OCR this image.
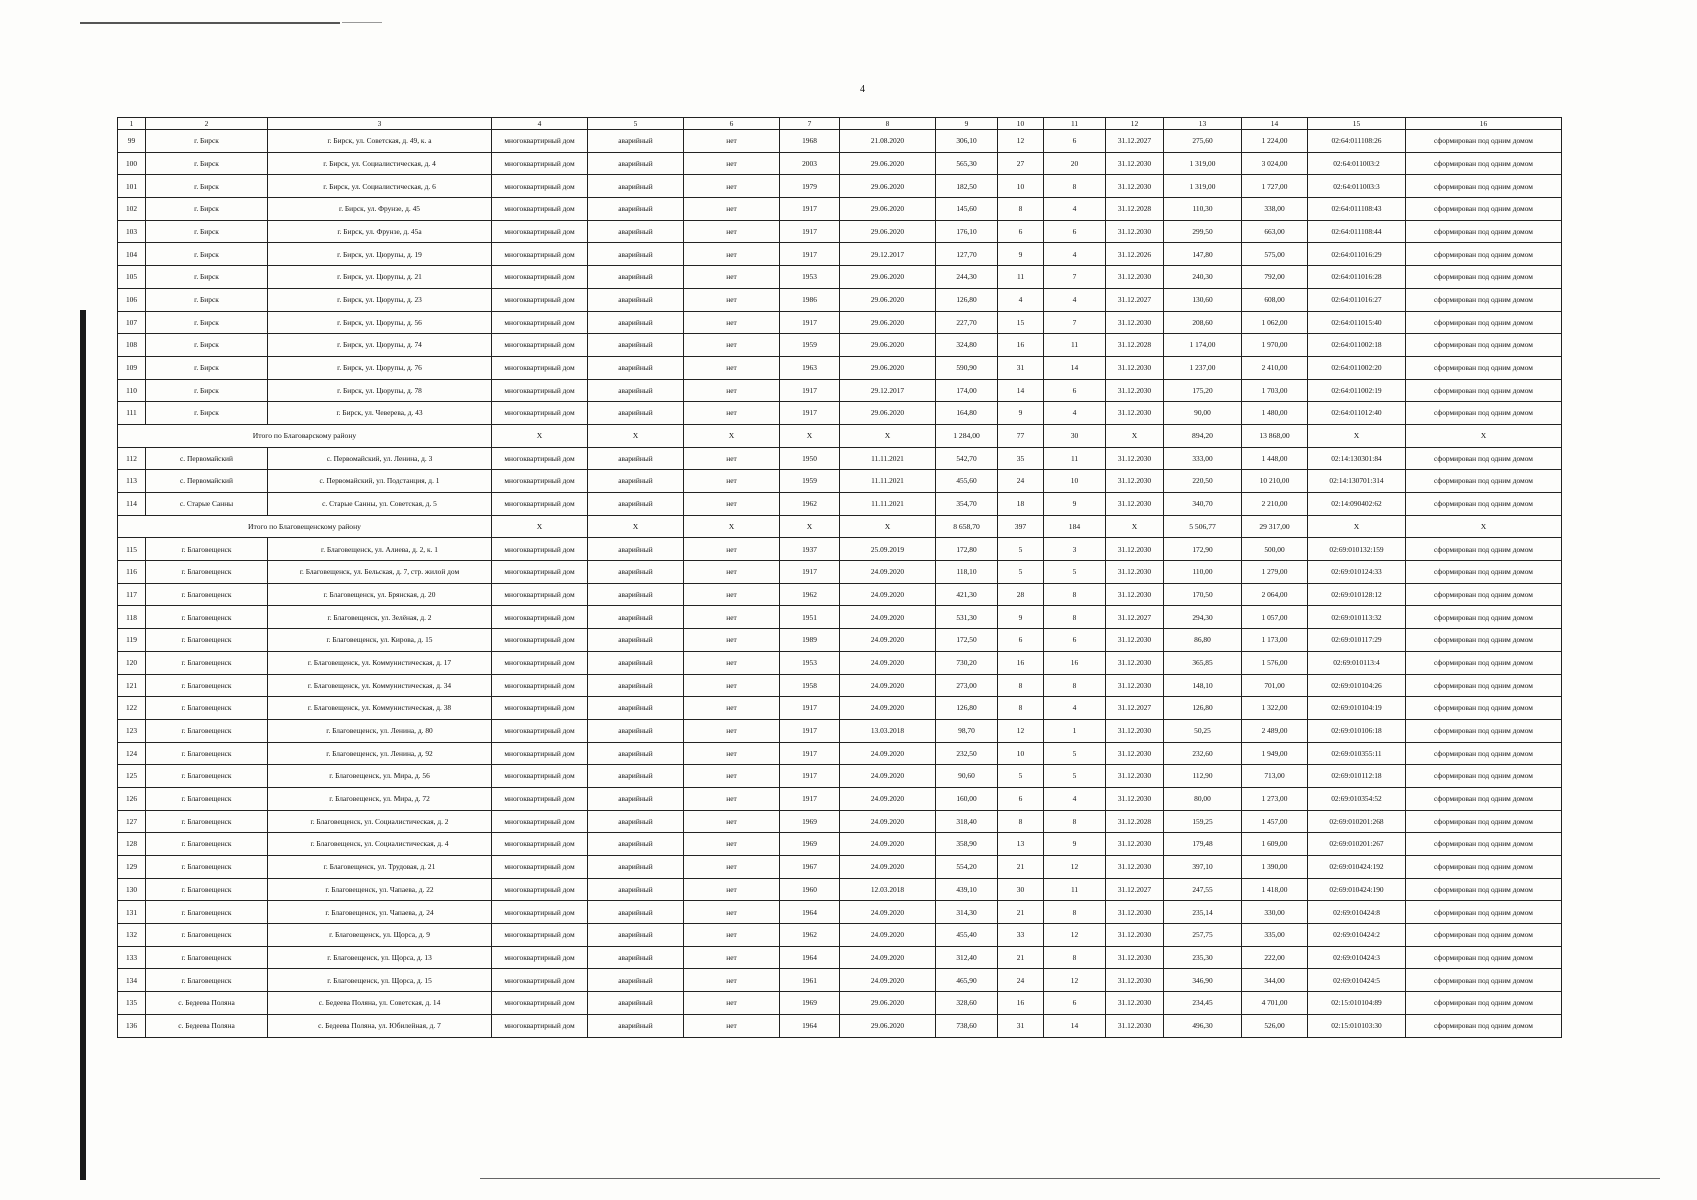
4
1	2	3	4	5	6	7	8	9	10	11	12	13	14	15	16
99	г. Бирск	г. Бирск, ул. Советская, д. 49, к. а	многоквартирный дом	аварийный	нет	1968	21.08.2020	306,10	12	6	31.12.2027	275,60	1 224,00	02:64:011108:26	сформирован под одним домом
100	г. Бирск	г. Бирск, ул. Социалистическая, д. 4	многоквартирный дом	аварийный	нет	2003	29.06.2020	565,30	27	20	31.12.2030	1 319,00	3 024,00	02:64:011003:2	сформирован под одним домом
101	г. Бирск	г. Бирск, ул. Социалистическая, д. 6	многоквартирный дом	аварийный	нет	1979	29.06.2020	182,50	10	8	31.12.2030	1 319,00	1 727,00	02:64:011003:3	сформирован под одним домом
102	г. Бирск	г. Бирск, ул. Фрунзе, д. 45	многоквартирный дом	аварийный	нет	1917	29.06.2020	145,60	8	4	31.12.2028	110,30	338,00	02:64:011108:43	сформирован под одним домом
103	г. Бирск	г. Бирск, ул. Фрунзе, д. 45а	многоквартирный дом	аварийный	нет	1917	29.06.2020	176,10	6	6	31.12.2030	299,50	663,00	02:64:011108:44	сформирован под одним домом
104	г. Бирск	г. Бирск, ул. Цюрупы, д. 19	многоквартирный дом	аварийный	нет	1917	29.12.2017	127,70	9	4	31.12.2026	147,80	575,00	02:64:011016:29	сформирован под одним домом
105	г. Бирск	г. Бирск, ул. Цюрупы, д. 21	многоквартирный дом	аварийный	нет	1953	29.06.2020	244,30	11	7	31.12.2030	240,30	792,00	02:64:011016:28	сформирован под одним домом
106	г. Бирск	г. Бирск, ул. Цюрупы, д. 23	многоквартирный дом	аварийный	нет	1986	29.06.2020	126,80	4	4	31.12.2027	130,60	608,00	02:64:011016:27	сформирован под одним домом
107	г. Бирск	г. Бирск, ул. Цюрупы, д. 56	многоквартирный дом	аварийный	нет	1917	29.06.2020	227,70	15	7	31.12.2030	208,60	1 062,00	02:64:011015:40	сформирован под одним домом
108	г. Бирск	г. Бирск, ул. Цюрупы, д. 74	многоквартирный дом	аварийный	нет	1959	29.06.2020	324,80	16	11	31.12.2028	1 174,00	1 970,00	02:64:011002:18	сформирован под одним домом
109	г. Бирск	г. Бирск, ул. Цюрупы, д. 76	многоквартирный дом	аварийный	нет	1963	29.06.2020	590,90	31	14	31.12.2030	1 237,00	2 410,00	02:64:011002:20	сформирован под одним домом
110	г. Бирск	г. Бирск, ул. Цюрупы, д. 78	многоквартирный дом	аварийный	нет	1917	29.12.2017	174,00	14	6	31.12.2030	175,20	1 703,00	02:64:011002:19	сформирован под одним домом
111	г. Бирск	г. Бирск, ул. Чеверева, д. 43	многоквартирный дом	аварийный	нет	1917	29.06.2020	164,80	9	4	31.12.2030	90,00	1 480,00	02:64:011012:40	сформирован под одним домом
Итого по Благоварскому району			X	X	X	X	X	1 284,00	77	30	X	894,20	13 868,00	X	X
112	с. Первомайский	с. Первомайский, ул. Ленина, д. 3	многоквартирный дом	аварийный	нет	1950	11.11.2021	542,70	35	11	31.12.2030	333,00	1 448,00	02:14:130301:84	сформирован под одним домом
113	с. Первомайский	с. Первомайский, ул. Подстанция, д. 1	многоквартирный дом	аварийный	нет	1959	11.11.2021	455,60	24	10	31.12.2030	220,50	10 210,00	02:14:130701:314	сформирован под одним домом
114	с. Старые Санны	с. Старые Санны, ул. Советская, д. 5	многоквартирный дом	аварийный	нет	1962	11.11.2021	354,70	18	9	31.12.2030	340,70	2 210,00	02:14:090402:62	сформирован под одним домом
Итого по Благовещенскому району			X	X	X	X	X	8 658,70	397	184	X	5 506,77	29 317,00	X	X
115	г. Благовещенск	г. Благовещенск, ул. Алиева, д. 2, к. 1	многоквартирный дом	аварийный	нет	1937	25.09.2019	172,80	5	3	31.12.2030	172,90	500,00	02:69:010132:159	сформирован под одним домом
116	г. Благовещенск	г. Благовещенск, ул. Бельская, д. 7, стр. жилой дом	многоквартирный дом	аварийный	нет	1917	24.09.2020	118,10	5	5	31.12.2030	110,00	1 279,00	02:69:010124:33	сформирован под одним домом
117	г. Благовещенск	г. Благовещенск, ул. Брянская, д. 20	многоквартирный дом	аварийный	нет	1962	24.09.2020	421,30	28	8	31.12.2030	170,50	2 064,00	02:69:010128:12	сформирован под одним домом
118	г. Благовещенск	г. Благовещенск, ул. Зелёная, д. 2	многоквартирный дом	аварийный	нет	1951	24.09.2020	531,30	9	8	31.12.2027	294,30	1 057,00	02:69:010113:32	сформирован под одним домом
119	г. Благовещенск	г. Благовещенск, ул. Кирова, д. 15	многоквартирный дом	аварийный	нет	1989	24.09.2020	172,50	6	6	31.12.2030	86,80	1 173,00	02:69:010117:29	сформирован под одним домом
120	г. Благовещенск	г. Благовещенск, ул. Коммунистическая, д. 17	многоквартирный дом	аварийный	нет	1953	24.09.2020	730,20	16	16	31.12.2030	365,85	1 576,00	02:69:010113:4	сформирован под одним домом
121	г. Благовещенск	г. Благовещенск, ул. Коммунистическая, д. 34	многоквартирный дом	аварийный	нет	1958	24.09.2020	273,00	8	8	31.12.2030	148,10	701,00	02:69:010104:26	сформирован под одним домом
122	г. Благовещенск	г. Благовещенск, ул. Коммунистическая, д. 38	многоквартирный дом	аварийный	нет	1917	24.09.2020	126,80	8	4	31.12.2027	126,80	1 322,00	02:69:010104:19	сформирован под одним домом
123	г. Благовещенск	г. Благовещенск, ул. Ленина, д. 80	многоквартирный дом	аварийный	нет	1917	13.03.2018	98,70	12	1	31.12.2030	50,25	2 489,00	02:69:010106:18	сформирован под одним домом
124	г. Благовещенск	г. Благовещенск, ул. Ленина, д. 92	многоквартирный дом	аварийный	нет	1917	24.09.2020	232,50	10	5	31.12.2030	232,60	1 949,00	02:69:010355:11	сформирован под одним домом
125	г. Благовещенск	г. Благовещенск, ул. Мира, д. 56	многоквартирный дом	аварийный	нет	1917	24.09.2020	90,60	5	5	31.12.2030	112,90	713,00	02:69:010112:18	сформирован под одним домом
126	г. Благовещенск	г. Благовещенск, ул. Мира, д. 72	многоквартирный дом	аварийный	нет	1917	24.09.2020	160,00	6	4	31.12.2030	80,00	1 273,00	02:69:010354:52	сформирован под одним домом
127	г. Благовещенск	г. Благовещенск, ул. Социалистическая, д. 2	многоквартирный дом	аварийный	нет	1969	24.09.2020	318,40	8	8	31.12.2028	159,25	1 457,00	02:69:010201:268	сформирован под одним домом
128	г. Благовещенск	г. Благовещенск, ул. Социалистическая, д. 4	многоквартирный дом	аварийный	нет	1969	24.09.2020	358,90	13	9	31.12.2030	179,48	1 609,00	02:69:010201:267	сформирован под одним домом
129	г. Благовещенск	г. Благовещенск, ул. Трудовая, д. 21	многоквартирный дом	аварийный	нет	1967	24.09.2020	554,20	21	12	31.12.2030	397,10	1 390,00	02:69:010424:192	сформирован под одним домом
130	г. Благовещенск	г. Благовещенск, ул. Чапаева, д. 22	многоквартирный дом	аварийный	нет	1960	12.03.2018	439,10	30	11	31.12.2027	247,55	1 418,00	02:69:010424:190	сформирован под одним домом
131	г. Благовещенск	г. Благовещенск, ул. Чапаева, д. 24	многоквартирный дом	аварийный	нет	1964	24.09.2020	314,30	21	8	31.12.2030	235,14	330,00	02:69:010424:8	сформирован под одним домом
132	г. Благовещенск	г. Благовещенск, ул. Щорса, д. 9	многоквартирный дом	аварийный	нет	1962	24.09.2020	455,40	33	12	31.12.2030	257,75	335,00	02:69:010424:2	сформирован под одним домом
133	г. Благовещенск	г. Благовещенск, ул. Щорса, д. 13	многоквартирный дом	аварийный	нет	1964	24.09.2020	312,40	21	8	31.12.2030	235,30	222,00	02:69:010424:3	сформирован под одним домом
134	г. Благовещенск	г. Благовещенск, ул. Щорса, д. 15	многоквартирный дом	аварийный	нет	1961	24.09.2020	465,90	24	12	31.12.2030	346,90	344,00	02:69:010424:5	сформирован под одним домом
135	с. Бедеева Поляна	с. Бедеева Поляна, ул. Советская, д. 14	многоквартирный дом	аварийный	нет	1969	29.06.2020	328,60	16	6	31.12.2030	234,45	4 701,00	02:15:010104:89	сформирован под одним домом
136	с. Бедеева Поляна	с. Бедеева Поляна, ул. Юбилейная, д. 7	многоквартирный дом	аварийный	нет	1964	29.06.2020	738,60	31	14	31.12.2030	496,30	526,00	02:15:010103:30	сформирован под одним домом
